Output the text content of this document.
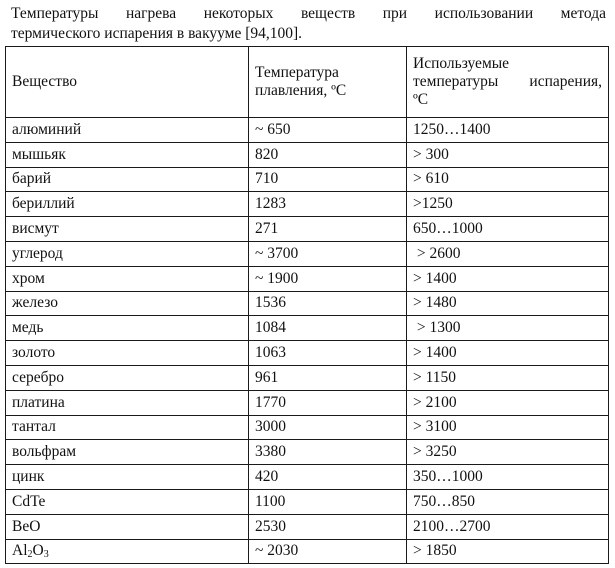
Температуры нагрева некоторых веществ при использовании метода
термического испарения в вакууме [94,100].
Вещество	Температура плавления, ºС	Используемые
температуры испарения,
ºС

алюминий	~ 650	1250…1400
мышьяк	820	> 300
барий	710	> 610
бериллий	1283	>1250
висмут	271	650…1000
углерод	~ 3700	> 2600
хром	~ 1900	> 1400
железо	1536	> 1480
медь	1084	> 1300
золото	1063	> 1400
серебро	961	> 1150
платина	1770	> 2100
тантал	3000	> 3100
вольфрам	3380	> 3250
цинк	420	350…1000
CdTe	1100	750…850
BeO	2530	2100…2700
$Al_2O_3$	~ 2030	> 1850
